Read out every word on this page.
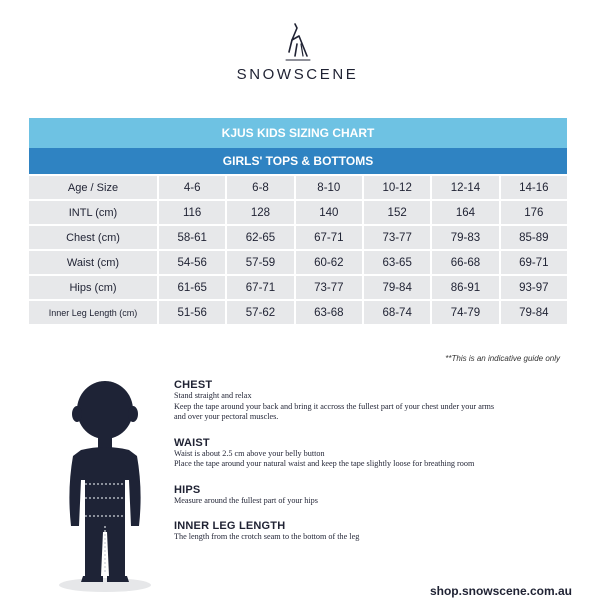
SNOWSCENE
KJUS KIDS SIZING CHART
GIRLS' TOPS & BOTTOMS
Age / Size	4-6	6-8	8-10	10-12	12-14	14-16
INTL (cm)	116	128	140	152	164	176
Chest (cm)	58-61	62-65	67-71	73-77	79-83	85-89
Waist (cm)	54-56	57-59	60-62	63-65	66-68	69-71
Hips (cm)	61-65	67-71	73-77	79-84	86-91	93-97
Inner Leg Length (cm)	51-56	57-62	63-68	68-74	74-79	79-84
**This is an indicative guide only
CHEST

Stand straight and relax

Keep the tape around your back and bring it accross the fullest part of your chest under your arms

and over your pectoral muscles.

WAIST

Waist is about 2.5 cm above your belly button

Place the tape around your natural waist and keep the tape slightly loose for breathing room

HIPS

Measure around the fullest part of your hips

INNER LEG LENGTH

The length from the crotch seam to the bottom of the leg

shop.snowscene.com.au
